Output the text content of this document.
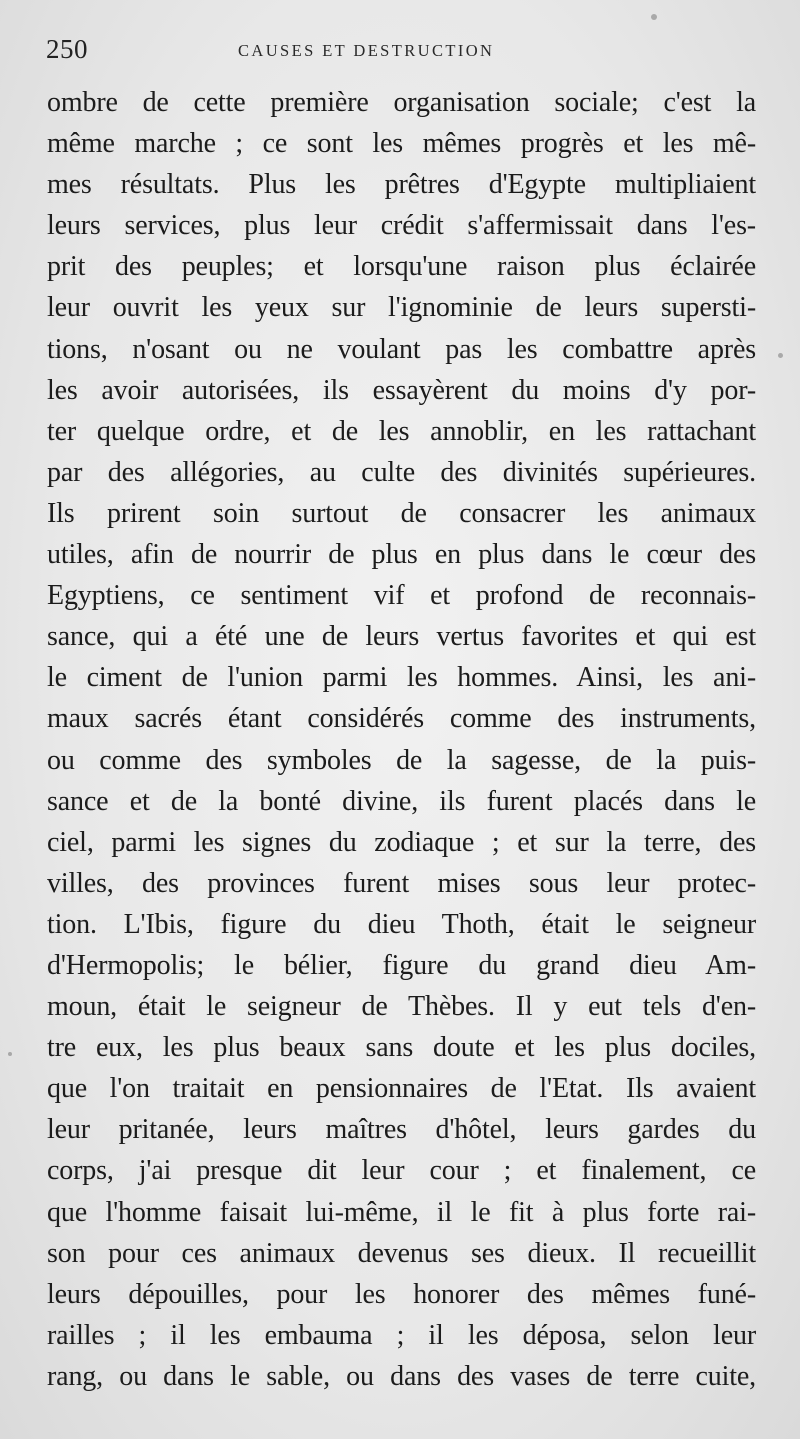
250	CAUSES ET DESTRUCTION
ombre de cette première organisation sociale; c'est la
même marche ; ce sont les mêmes progrès et les mê-
mes résultats. Plus les prêtres d'Egypte multipliaient
leurs services, plus leur crédit s'affermissait dans l'es-
prit des peuples; et lorsqu'une raison plus éclairée
leur ouvrit les yeux sur l'ignominie de leurs supersti-
tions, n'osant ou ne voulant pas les combattre après
les avoir autorisées, ils essayèrent du moins d'y por-
ter quelque ordre, et de les annoblir, en les rattachant
par des allégories, au culte des divinités supérieures.
Ils prirent soin surtout de consacrer les animaux
utiles, afin de nourrir de plus en plus dans le cœur des
Egyptiens, ce sentiment vif et profond de reconnais-
sance, qui a été une de leurs vertus favorites et qui est
le ciment de l'union parmi les hommes. Ainsi, les ani-
maux sacrés étant considérés comme des instruments,
ou comme des symboles de la sagesse, de la puis-
sance et de la bonté divine, ils furent placés dans le
ciel, parmi les signes du zodiaque ; et sur la terre, des
villes, des provinces furent mises sous leur protec-
tion. L'Ibis, figure du dieu Thoth, était le seigneur
d'Hermopolis; le bélier, figure du grand dieu Am-
moun, était le seigneur de Thèbes. Il y eut tels d'en-
tre eux, les plus beaux sans doute et les plus dociles,
que l'on traitait en pensionnaires de l'Etat. Ils avaient
leur pritanée, leurs maîtres d'hôtel, leurs gardes du
corps, j'ai presque dit leur cour ; et finalement, ce
que l'homme faisait lui-même, il le fit à plus forte rai-
son pour ces animaux devenus ses dieux. Il recueillit
leurs dépouilles, pour les honorer des mêmes funé-
railles ; il les embauma ; il les déposa, selon leur
rang, ou dans le sable, ou dans des vases de terre cuite,
